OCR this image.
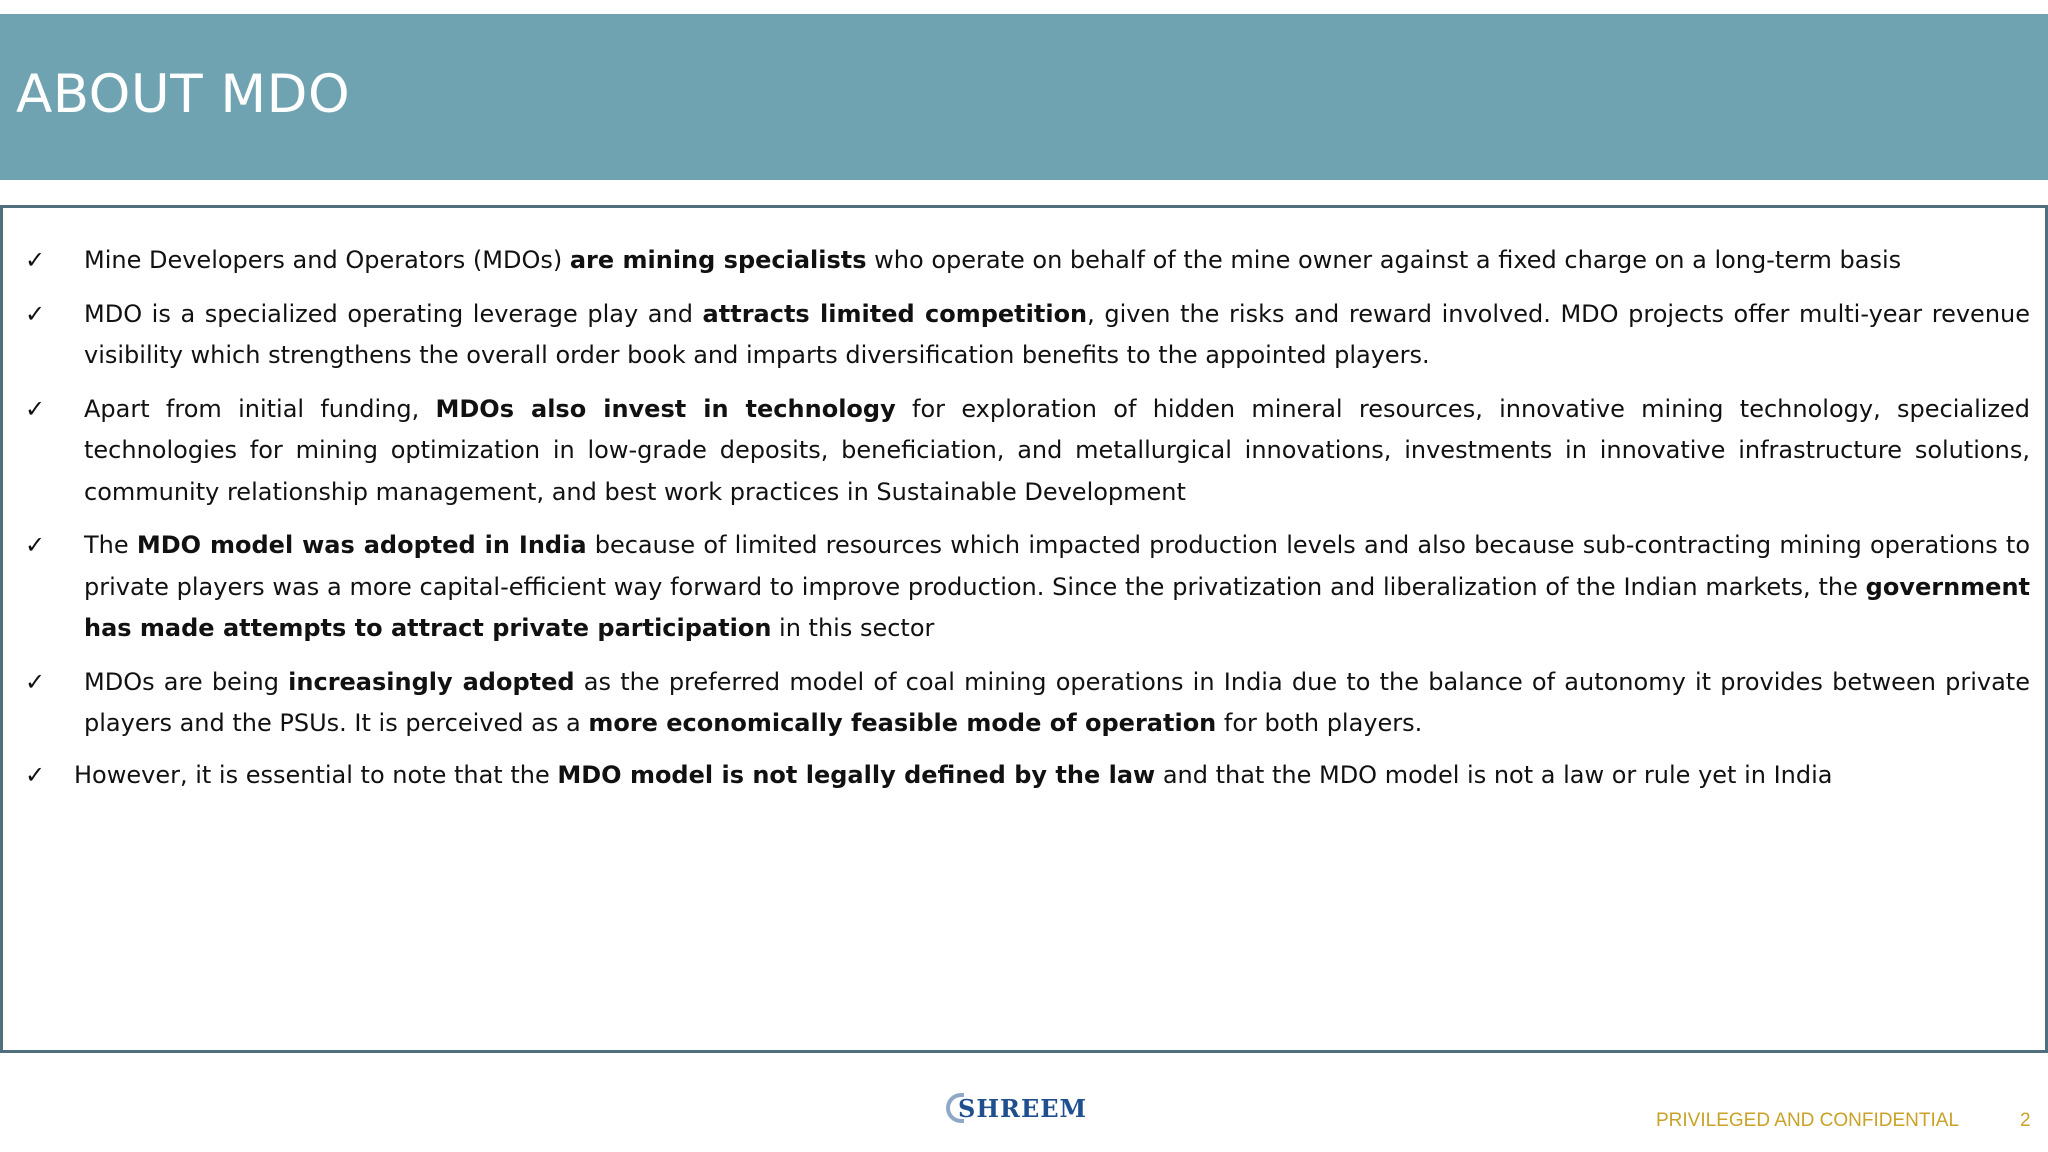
ABOUT MDO
✓ Mine Developers and Operators (MDOs) are mining specialists who operate on behalf of the mine owner against a fixed charge on a long-term basis
✓ MDO is a specialized operating leverage play and attracts limited competition, given the risks and reward involved. MDO projects offer multi-year revenue visibility which strengthens the overall order book and imparts diversification benefits to the appointed players.
✓ Apart from initial funding, MDOs also invest in technology for exploration of hidden mineral resources, innovative mining technology, specialized technologies for mining optimization in low-grade deposits, beneficiation, and metallurgical innovations, investments in innovative infrastructure solutions, community relationship management, and best work practices in Sustainable Development
✓ The MDO model was adopted in India because of limited resources which impacted production levels and also because sub-contracting mining operations to private players was a more capital-efficient way forward to improve production. Since the privatization and liberalization of the Indian markets, the government has made attempts to attract private participation in this sector
✓ MDOs are being increasingly adopted as the preferred model of coal mining operations in India due to the balance of autonomy it provides between private players and the PSUs. It is perceived as a more economically feasible mode of operation for both players.
✓ However, it is essential to note that the MDO model is not legally defined by the law and that the MDO model is not a law or rule yet in India
SHREEM	PRIVILEGED AND CONFIDENTIAL	2
